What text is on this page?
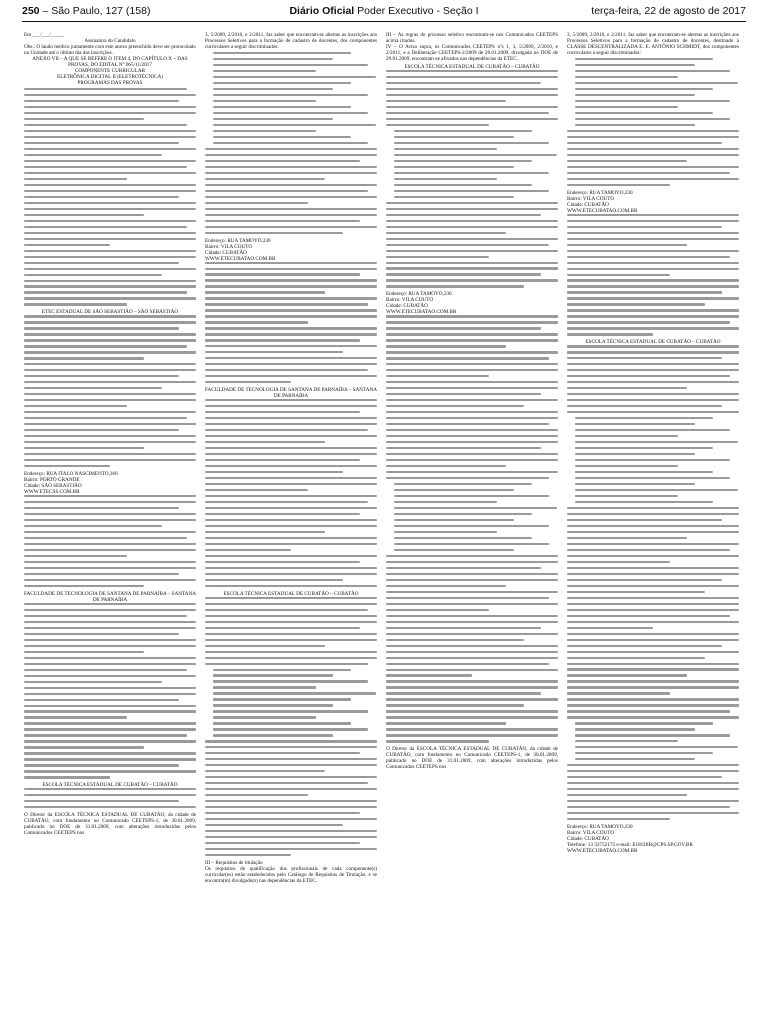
250 – São Paulo, 127 (158)	Diário Oficial Poder Executivo - Seção I	terça-feira, 22 de agosto de 2017

Em ___/___/_____

Assinatura do Candidato

Obs.: O laudo médico juntamente com este anexo preenchido deve ser protocolado na Unidade até o último dia das inscrições.

ANEXO VII – A QUE SE REFERE O ITEM 4, DO CAPÍTULO X – DAS PROVAS, DO EDITAL N° 065/11/2017

COMPONENTE CURRICULAR

ELETRÔNICA DIGITAL II (ELETROTÉCNICA)

PROGRAMAS DAS PROVAS

ETEC ESTADUAL DE SÃO SEBASTIÃO – SÃO SEBASTIÃO

Endereço: RUA ITALO NASCIMENTO,366

Bairro: PORTO GRANDE

Cidade: SÃO SEBASTIÃO

WWW.ETECSS.COM.BR

FACULDADE DE TECNOLOGIA DE SANTANA DE PARNAÍBA – SANTANA DE PARNAÍBA

ESCOLA TÉCNICA ESTADUAL DE CUBATÃO – CUBATÃO

O Diretor da ESCOLA TÉCNICA ESTADUAL DE CUBATÃO, da cidade de CUBATÃO, com fundamento no Comunicado CEETEPS-1, de 30.01.2009, publicado no DOE de 31.01.2009, com alterações introduzidas pelos Comunicados CEETEPS nos

3, 5/2009, 2/2010, e 2/2011, faz saber que encontram-se abertas as inscrições aos Processos Seletivos para a formação de cadastro de docentes, dos componentes curriculares a seguir discriminados:

Endereço: RUA TAMOYO,230

Bairro: VILA COUTO

Cidade: CUBATÃO

WWW.ETECUBATAO.COM.BR

FACULDADE DE TECNOLOGIA DE SANTANA DE PARNAÍBA – SANTANA DE PARNAÍBA

ESCOLA TÉCNICA ESTADUAL DE CUBATÃO – CUBATÃO

III – Requisitos de titulação

Os requisitos de qualificação dos profissionais de cada componente(s) curricular(es) estão estabelecidos pelo Catálogo de Requisitos de Titulação, e se encontra(m) divulgado(s) nas dependências da ETEC.

III – As regras do processo seletivo encontram-se nos Comunicados CEETEPS acima citados.

IV – O Aviso supra, os Comunicados CEETEPS nºs 1, 3, 5/2009, 2/2010, e 2/2011, e a Deliberação CEETEPS-2/2009 de 28.01.2009, divulgada no DOE de 29.01.2009, encontram-se afixados nas dependências da ETEC.

ESCOLA TÉCNICA ESTADUAL DE CUBATÃO – CUBATÃO

Endereço: RUA TAMOYO,230

Bairro: VILA COUTO

Cidade: CUBATÃO

WWW.ETECUBATAO.COM.BR

O Diretor da ESCOLA TÉCNICA ESTADUAL DE CUBATÃO, da cidade de CUBATÃO, com fundamento no Comunicado CEETEPS-1, de 30.01.2009, publicado no DOE de 31.01.2009, com alterações introduzidas pelos Comunicados CEETEPS nos

3, 5/2009, 2/2010, e 2/2011, faz saber que encontram-se abertas as inscrições aos Processos Seletivos para a formação de cadastro de docentes, destinado à CLASSE DESCENTRALIZADA E. E. ANTÔNIO SCHMIDT, dos componentes curriculares a seguir discriminados:

Endereço: RUA TAMOYO,230

Bairro: VILA COUTO

Cidade: CUBATÃO

WWW.ETECUBATAO.COM.BR

ESCOLA TÉCNICA ESTADUAL DE CUBATÃO – CUBATÃO

Endereço: RUA TAMOYO,230

Bairro: VILA COUTO

Cidade: CUBATÃO

Telefone: 13 33752175 e-mail: E181DIR@CPS.SP.GOV.BR

WWW.ETECUBATAO.COM.BR
